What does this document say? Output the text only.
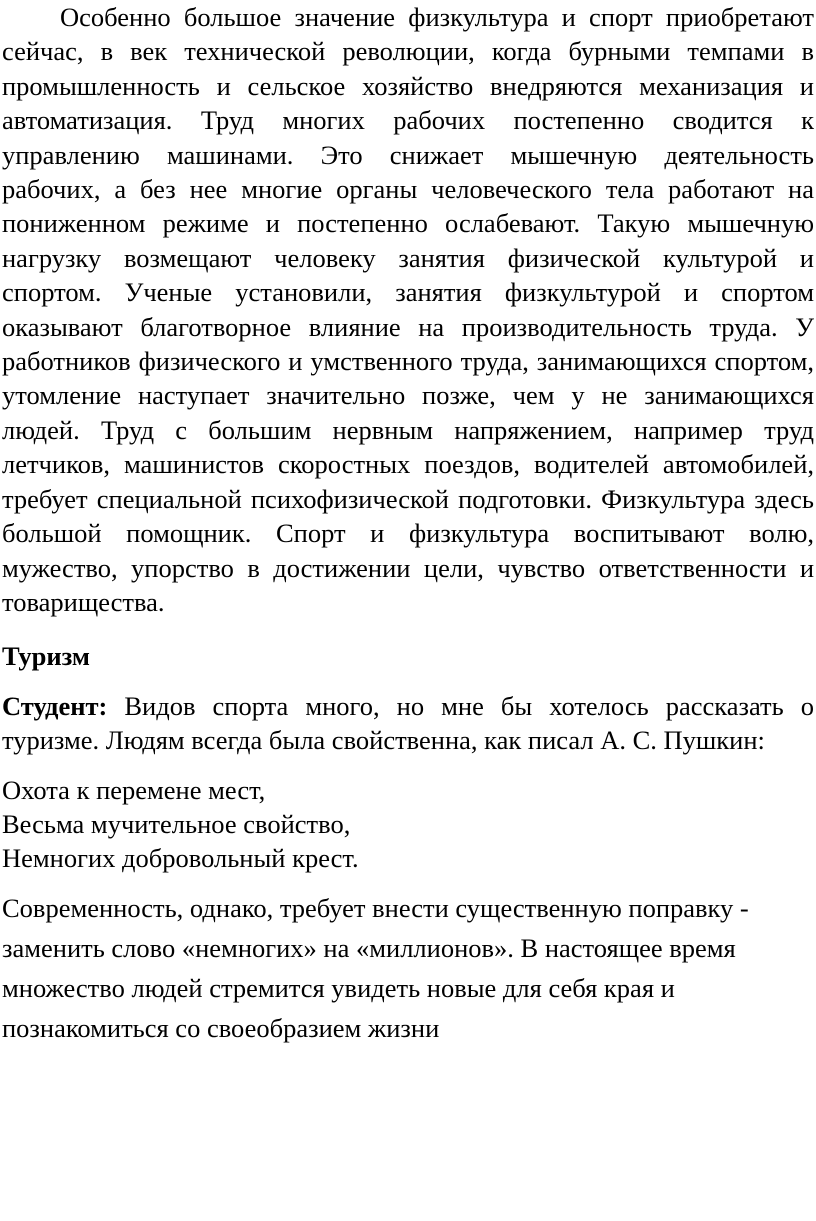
Особенно большое значение физкультура и спорт приобретают сейчас, в век технической революции, когда бурными темпами в промышленность и сельское хозяйство внедряются механизация и автоматизация. Труд многих рабочих постепенно сводится к управлению машинами. Это снижает мышечную деятельность рабочих, а без нее многие органы человеческого тела работают на пониженном режиме и постепенно ослабевают. Такую мышечную нагрузку возмещают человеку занятия физической культурой и спортом. Ученые установили, занятия физкультурой и спортом оказывают благотворное влияние на производительность труда. У работников физического и умственного труда, занимающихся спортом, утомление наступает значительно позже, чем у не занимающихся людей. Труд с большим нервным напряжением, например труд летчиков, машинистов скоростных поездов, водителей автомобилей, требует специальной психофизической подготовки. Физкультура здесь большой помощник. Спорт и физкультура воспитывают волю, мужество, упорство в достижении цели, чувство ответственности и товарищества.

Туризм

Студент: Видов спорта много, но мне бы хотелось рассказать о туризме. Людям всегда была свойственна, как писал А. С. Пушкин:

Охота к перемене мест,
Весьма мучительное свойство,
Немногих добровольный крест.

Современность, однако, требует внести существенную поправку - заменить слово «немногих» на «миллионов». В настоящее время множество людей стремится увидеть новые для себя края и познакомиться со своеобразием жизни
